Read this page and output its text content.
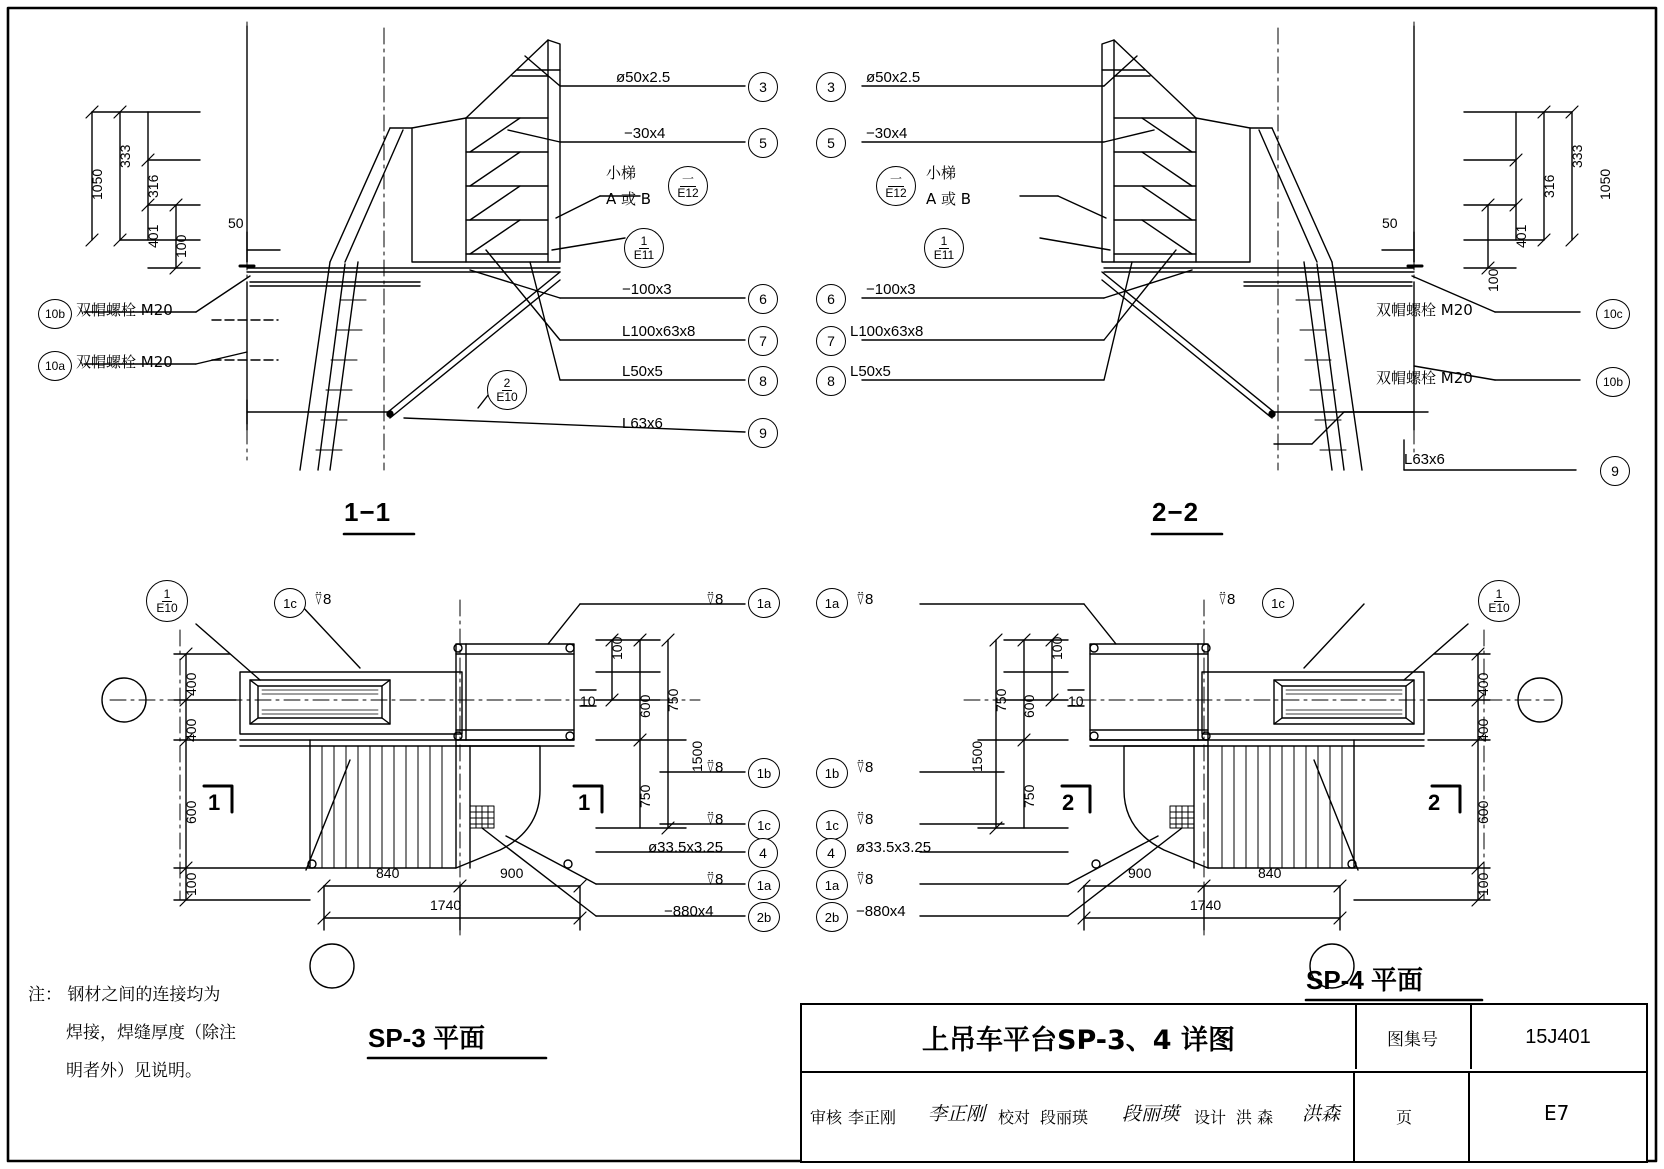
1050
333
316
401 100
50
ø50x2.5
−30x4
−100x3
L100x63x8
L50x5
L63x6
3
5
6
7
8
9
小梯
A 或 B
一
E12
1
E11
2
E10
10b 双帽螺栓 M20
10a 双帽螺栓 M20
1−1
333
1050
316
401
100
50
ø50x2.5
−30x4
−100x3
L100x63x8
L50x5
L63x6
3
5
6
7
8
9
小梯
A 或 B
一
E12
1
E11
双帽螺栓 M20	10c
双帽螺栓 M20	10b
2−2
1
E10	1c	⍢8	⍢8	1a
⍢8	1b
⍢8	1c
ø33.5x3.25	4
⍢8	1a
−880x4	2b
400
400
600
100
100
600 750
1500
750
10
840	900
1740
1	1
SP-3 平面
1
E10
1a	⍢8	⍢8	1c
1b	⍢8
1c	⍢8
4	ø33.5x3.25
1a	⍢8
2b	−880x4
100
750 600
1500
750
10
400
400
600
100
900	840
1740
2	2
SP-4 平面
注： 钢材之间的连接均为
焊接，焊缝厚度（除注
明者外）见说明。
上吊车平台SP-3、4 详图	图集号	15J401
审核 李正刚 李正刚 校对 段丽瑛 段丽瑛 设计 洪 森 洪森	页	E7
